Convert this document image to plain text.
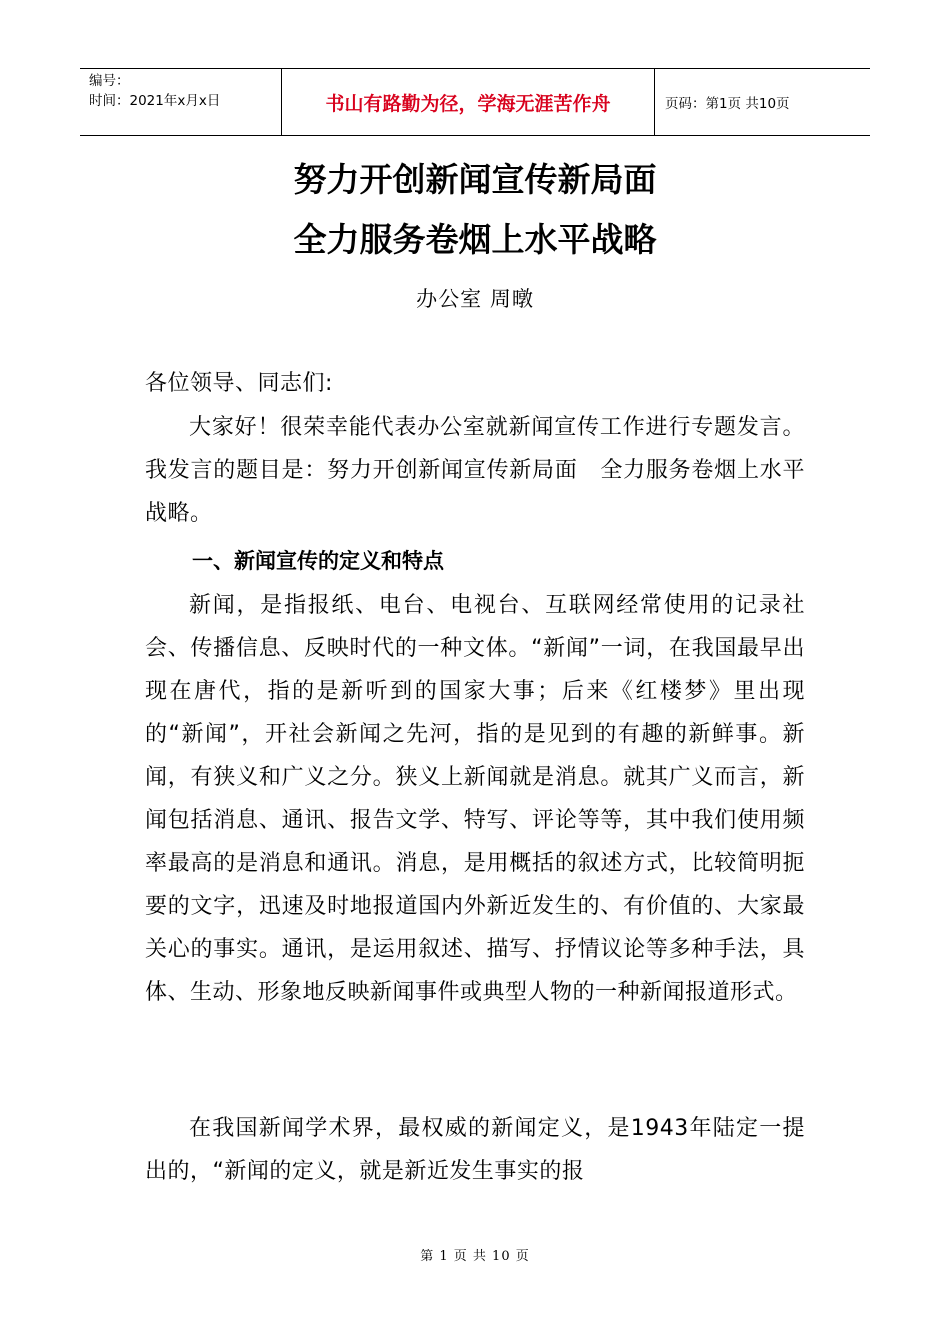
编号：
时间：2021年x月x日	书山有路勤为径，学海无涯苦作舟	页码：第1页 共10页
努力开创新闻宣传新局面
全力服务卷烟上水平战略
办公室 周暾
各位领导、同志们:
大家好！很荣幸能代表办公室就新闻宣传工作进行专题发言。我发言的题目是：努力开创新闻宣传新局面　全力服务卷烟上水平战略。
一、新闻宣传的定义和特点
新闻，是指报纸、电台、电视台、互联网经常使用的记录社会、传播信息、反映时代的一种文体。“新闻”一词，在我国最早出现在唐代，指的是新听到的国家大事；后来《红楼梦》里出现的“新闻”，开社会新闻之先河，指的是见到的有趣的新鲜事。新闻，有狭义和广义之分。狭义上新闻就是消息。就其广义而言，新闻包括消息、通讯、报告文学、特写、评论等等，其中我们使用频率最高的是消息和通讯。消息，是用概括的叙述方式，比较简明扼要的文字，迅速及时地报道国内外新近发生的、有价值的、大家最关心的事实。通讯，是运用叙述、描写、抒情议论等多种手法，具体、生动、形象地反映新闻事件或典型人物的一种新闻报道形式。
在我国新闻学术界，最权威的新闻定义，是1943年陆定一提出的，“新闻的定义，就是新近发生事实的报
第 1 页 共 10 页
